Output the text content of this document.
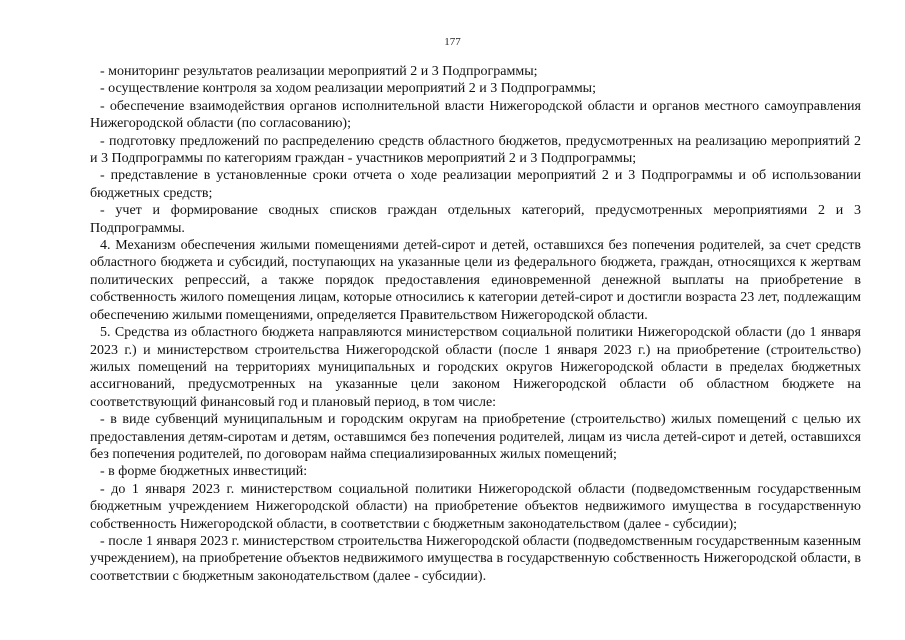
177

- мониторинг результатов реализации мероприятий 2 и 3 Подпрограммы;

- осуществление контроля за ходом реализации мероприятий 2 и 3 Подпрограммы;

- обеспечение взаимодействия органов исполнительной власти Нижегородской области и органов местного самоуправления Нижегородской области (по согласованию);

- подготовку предложений по распределению средств областного бюджетов, предусмотренных на реализацию мероприятий 2 и 3 Подпрограммы по категориям граждан - участников мероприятий 2 и 3 Подпрограммы;

- представление в установленные сроки отчета о ходе реализации мероприятий 2 и 3 Подпрограммы и об использовании бюджетных средств;

- учет и формирование сводных списков граждан отдельных категорий, предусмотренных мероприятиями 2 и 3 Подпрограммы.

4. Механизм обеспечения жилыми помещениями детей-сирот и детей, оставшихся без попечения родителей, за счет средств областного бюджета и субсидий, поступающих на указанные цели из федерального бюджета, граждан, относящихся к жертвам политических репрессий, а также порядок предоставления единовременной денежной выплаты на приобретение в собственность жилого помещения лицам, которые относились к категории детей-сирот и достигли возраста 23 лет, подлежащим обеспечению жилыми помещениями, определяется Правительством Нижегородской области.

5. Средства из областного бюджета направляются министерством социальной политики Нижегородской области (до 1 января 2023 г.) и министерством строительства Нижегородской области (после 1 января 2023 г.) на приобретение (строительство) жилых помещений на территориях муниципальных и городских округов Нижегородской области в пределах бюджетных ассигнований, предусмотренных на указанные цели законом Нижегородской области об областном бюджете на соответствующий финансовый год и плановый период, в том числе:

- в виде субвенций муниципальным и городским округам на приобретение (строительство) жилых помещений с целью их предоставления детям-сиротам и детям, оставшимся без попечения родителей, лицам из числа детей-сирот и детей, оставшихся без попечения родителей, по договорам найма специализированных жилых помещений;

- в форме бюджетных инвестиций:

- до 1 января 2023 г. министерством социальной политики Нижегородской области (подведомственным государственным бюджетным учреждением Нижегородской области) на приобретение объектов недвижимого имущества в государственную собственность Нижегородской области, в соответствии с бюджетным законодательством (далее - субсидии);

- после 1 января 2023 г. министерством строительства Нижегородской области (подведомственным государственным казенным учреждением), на приобретение объектов недвижимого имущества в государственную собственность Нижегородской области, в соответствии с бюджетным законодательством (далее - субсидии).
